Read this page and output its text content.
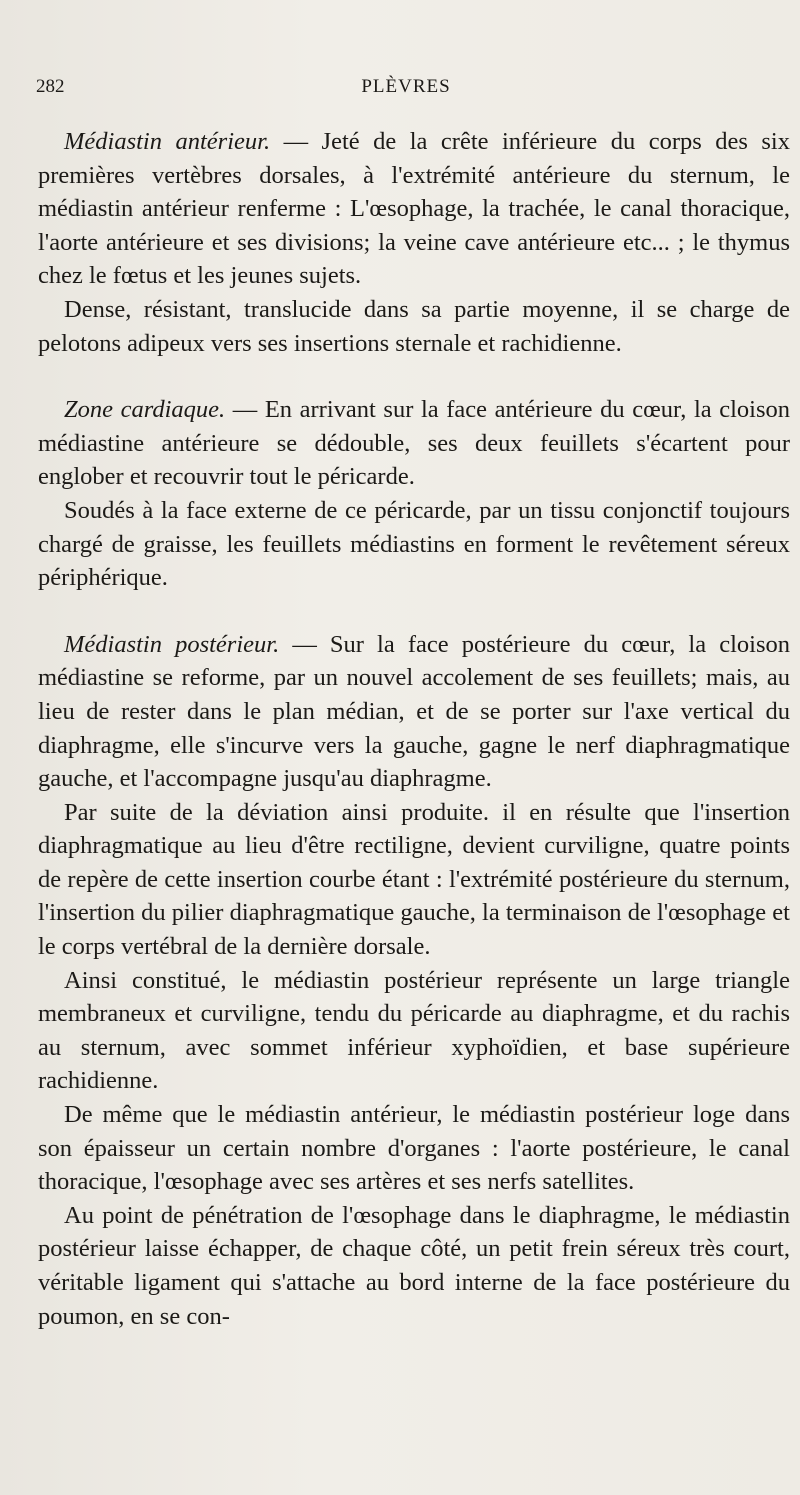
282	PLÈVRES

Médiastin antérieur. — Jeté de la crête inférieure du corps des six premières vertèbres dorsales, à l'extrémité antérieure du sternum, le médiastin antérieur renferme : L'œsophage, la trachée, le canal thoracique, l'aorte antérieure et ses divisions; la veine cave antérieure etc... ; le thymus chez le fœtus et les jeunes sujets.

Dense, résistant, translucide dans sa partie moyenne, il se charge de pelotons adipeux vers ses insertions sternale et rachidienne.

Zone cardiaque. — En arrivant sur la face antérieure du cœur, la cloison médiastine antérieure se dédouble, ses deux feuillets s'écartent pour englober et recouvrir tout le péricarde.

Soudés à la face externe de ce péricarde, par un tissu conjonctif toujours chargé de graisse, les feuillets médiastins en forment le revêtement séreux périphérique.

Médiastin postérieur. — Sur la face postérieure du cœur, la cloison médiastine se reforme, par un nouvel accolement de ses feuillets; mais, au lieu de rester dans le plan médian, et de se porter sur l'axe vertical du diaphragme, elle s'incurve vers la gauche, gagne le nerf diaphragmatique gauche, et l'accompagne jusqu'au diaphragme.

Par suite de la déviation ainsi produite. il en résulte que l'insertion diaphragmatique au lieu d'être rectiligne, devient curviligne, quatre points de repère de cette insertion courbe étant : l'extrémité postérieure du sternum, l'insertion du pilier diaphragmatique gauche, la terminaison de l'œsophage et le corps vertébral de la dernière dorsale.

Ainsi constitué, le médiastin postérieur représente un large triangle membraneux et curviligne, tendu du péricarde au diaphragme, et du rachis au sternum, avec sommet inférieur xyphoïdien, et base supérieure rachidienne.

De même que le médiastin antérieur, le médiastin postérieur loge dans son épaisseur un certain nombre d'organes : l'aorte postérieure, le canal thoracique, l'œsophage avec ses artères et ses nerfs satellites.

Au point de pénétration de l'œsophage dans le diaphragme, le médiastin postérieur laisse échapper, de chaque côté, un petit frein séreux très court, véritable ligament qui s'attache au bord interne de la face postérieure du poumon, en se con-
